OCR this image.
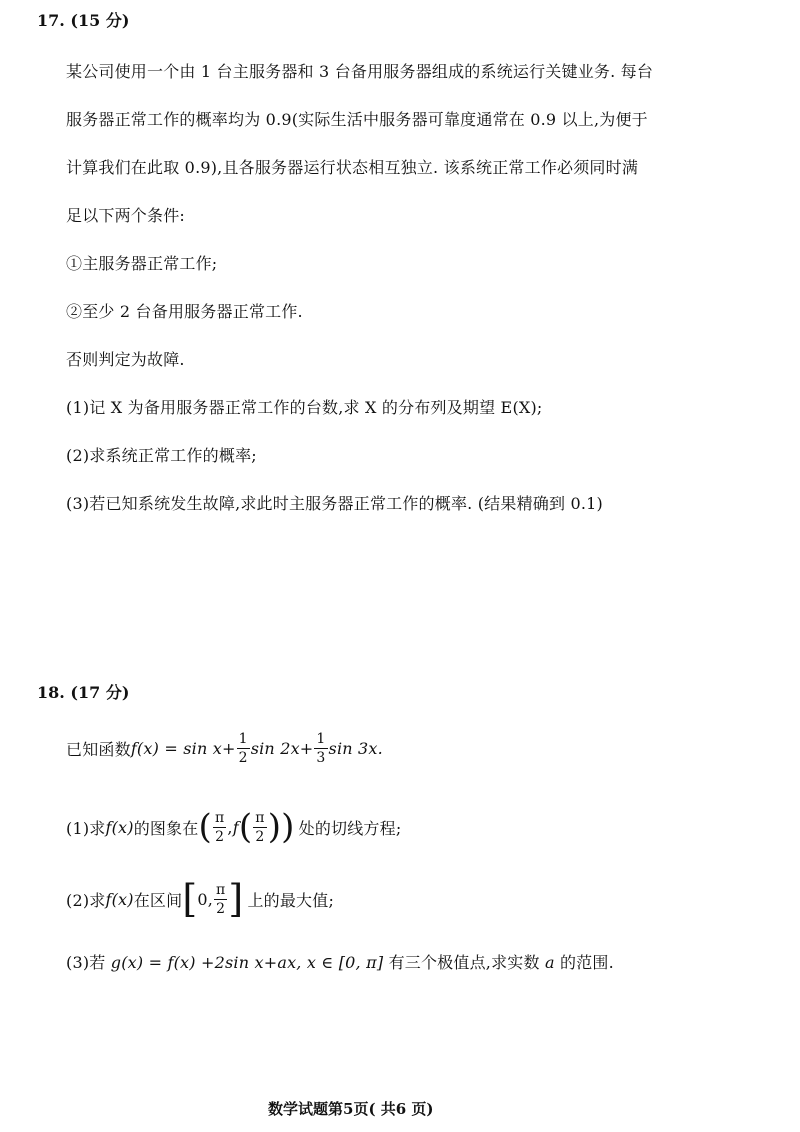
17. (15 分)
某公司使用一个由 1 台主服务器和 3 台备用服务器组成的系统运行关键业务. 每台
服务器正常工作的概率均为 0.9(实际生活中服务器可靠度通常在 0.9 以上,为便于
计算我们在此取 0.9),且各服务器运行状态相互独立. 该系统正常工作必须同时满
足以下两个条件:
①主服务器正常工作;
②至少 2 台备用服务器正常工作.
否则判定为故障.
(1)记 X 为备用服务器正常工作的台数,求 X 的分布列及期望 E(X);
(2)求系统正常工作的概率;
(3)若已知系统发生故障,求此时主服务器正常工作的概率. (结果精确到 0.1)
18. (17 分)
已知函数 $f(x) = \sin x+ \frac{1}{2}$ $\sin 2x+ \frac{1}{3}$ sin 3x.
(1)求 f(x) 的图象在 ( $\frac{\pi}{2}$ , f ( $\frac{\pi}{2}$ ) ) 处的切线方程;
(2)求 f(x) 在区间 [ 0, $\frac{\pi}{2}$ ] 上的最大值;
(3)若 g(x) = f(x) +2sin x+ax, x ∈ [0, π] 有三个极值点,求实数 a 的范围.
数学试题第5页( 共6 页)
